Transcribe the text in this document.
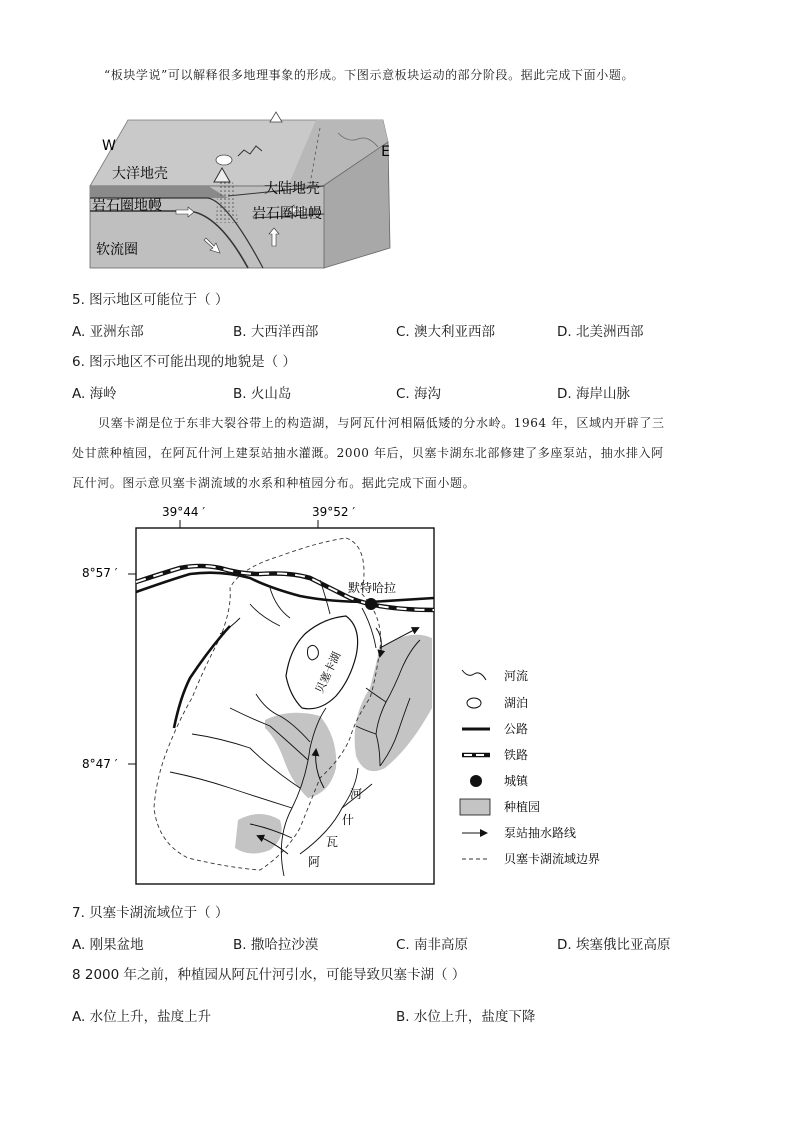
“板块学说”可以解释很多地理事象的形成。下图示意板块运动的部分阶段。据此完成下面小题。
W	E
大洋地壳
大陆地壳
岩石圈地幔	岩石圈地幔
软流圈
5. 图示地区可能位于（ ）
A. 亚洲东部	B. 大西洋西部	C. 澳大利亚西部	D. 北美洲西部
6. 图示地区不可能出现的地貌是（ ）
A. 海岭	B. 火山岛	C. 海沟	D. 海岸山脉
贝塞卡湖是位于东非大裂谷带上的构造湖，与阿瓦什河相隔低矮的分水岭。1964 年，区域内开辟了三
处甘蔗种植园，在阿瓦什河上建泵站抽水灌溉。2000 年后，贝塞卡湖东北部修建了多座泵站，抽水排入阿
瓦什河。图示意贝塞卡湖流域的水系和种植园分布。据此完成下面小题。
39°44 ′	39°52 ′
8°57 ′
8°47 ′
默特哈拉
贝塞卡湖
河
什
瓦
阿
河流
湖泊
公路
铁路
城镇
种植园
泵站抽水路线
贝塞卡湖流域边界
7. 贝塞卡湖流域位于（ ）
A. 刚果盆地	B. 撒哈拉沙漠	C. 南非高原	D. 埃塞俄比亚高原
8 2000 年之前，种植园从阿瓦什河引水，可能导致贝塞卡湖（ ）
A. 水位上升，盐度上升	B. 水位上升，盐度下降
